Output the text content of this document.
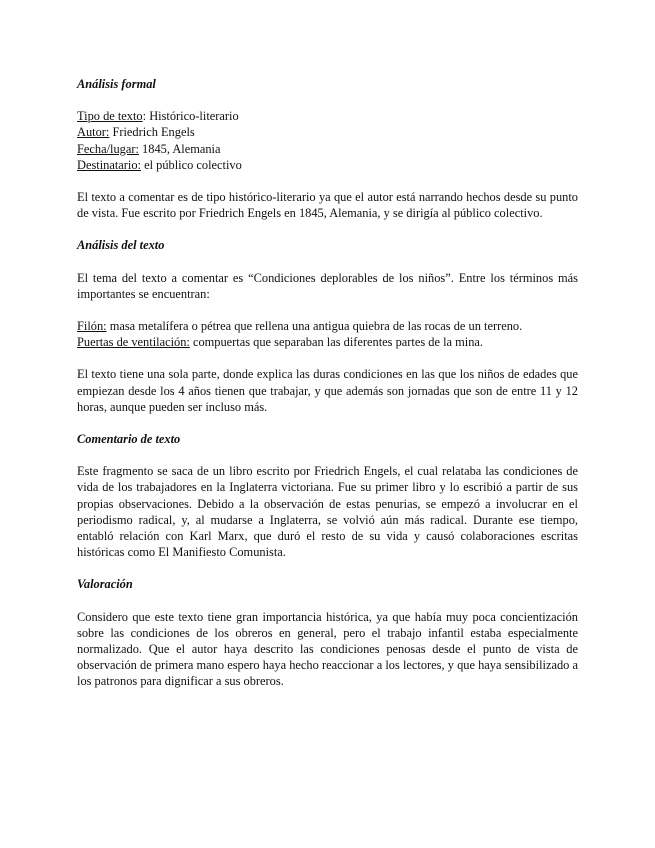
Análisis formal
Tipo de texto: Histórico-literario
Autor: Friedrich Engels
Fecha/lugar: 1845, Alemania
Destinatario: el público colectivo

El texto a comentar es de tipo histórico-literario ya que el autor está narrando hechos desde su punto de vista. Fue escrito por Friedrich Engels en 1845, Alemania, y se dirigía al público colectivo.

Análisis del texto

El tema del texto a comentar es “Condiciones deplorables de los niños”. Entre los términos más importantes se encuentran:

Filón: masa metalífera o pétrea que rellena una antigua quiebra de las rocas de un terreno.
Puertas de ventilación: compuertas que separaban las diferentes partes de la mina.

El texto tiene una sola parte, donde explica las duras condiciones en las que los niños de edades que empiezan desde los 4 años tienen que trabajar, y que además son jornadas que son de entre 11 y 12 horas, aunque pueden ser incluso más.

Comentario de texto

Este fragmento se saca de un libro escrito por Friedrich Engels, el cual relataba las condiciones de vida de los trabajadores en la Inglaterra victoriana. Fue su primer libro y lo escribió a partir de sus propias observaciones. Debido a la observación de estas penurias, se empezó a involucrar en el periodismo radical, y, al mudarse a Inglaterra, se volvió aún más radical. Durante ese tiempo, entabló relación con Karl Marx, que duró el resto de su vida y causó colaboraciones escritas históricas como El Manifiesto Comunista.

Valoración

Considero que este texto tiene gran importancia histórica, ya que había muy poca concientización sobre las condiciones de los obreros en general, pero el trabajo infantil estaba especialmente normalizado. Que el autor haya descrito las condiciones penosas desde el punto de vista de observación de primera mano espero haya hecho reaccionar a los lectores, y que haya sensibilizado a los patronos para dignificar a sus obreros.
